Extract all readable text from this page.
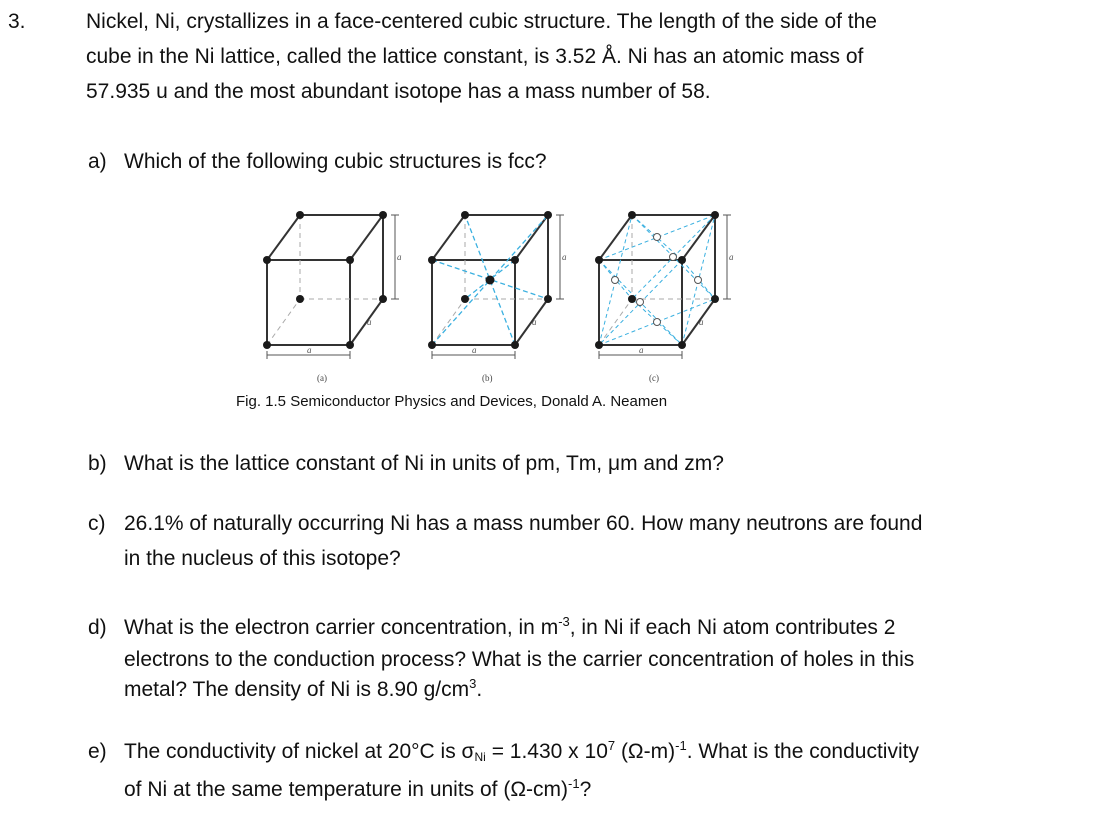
3.	Nickel, Ni, crystallizes in a face-centered cubic structure. The length of the side of the
cube in the Ni lattice, called the lattice constant, is 3.52 Å. Ni has an atomic mass of
57.935 u and the most abundant isotope has a mass number of 58.
a) Which of the following cubic structures is fcc?
a
a
a
(a)
a
a
a
(b)
a
a
a
(c)
Fig. 1.5 Semiconductor Physics and Devices, Donald A. Neamen
b) What is the lattice constant of Ni in units of pm, Tm, μm and zm?
c) 26.1% of naturally occurring Ni has a mass number 60. How many neutrons are found
in the nucleus of this isotope?
d) What is the electron carrier concentration, in $m^{-3}$, in Ni if each Ni atom contributes 2
electrons to the conduction process? What is the carrier concentration of holes in this
metal? The density of Ni is 8.90 $g/cm^3$.
e) The conductivity of nickel at 20°C is σNi = 1.430 x $10^7$ $(\Omega-m)^{-1}$. What is the conductivity
of Ni at the same temperature in units of $(\Omega-cm)^{-1}$?
